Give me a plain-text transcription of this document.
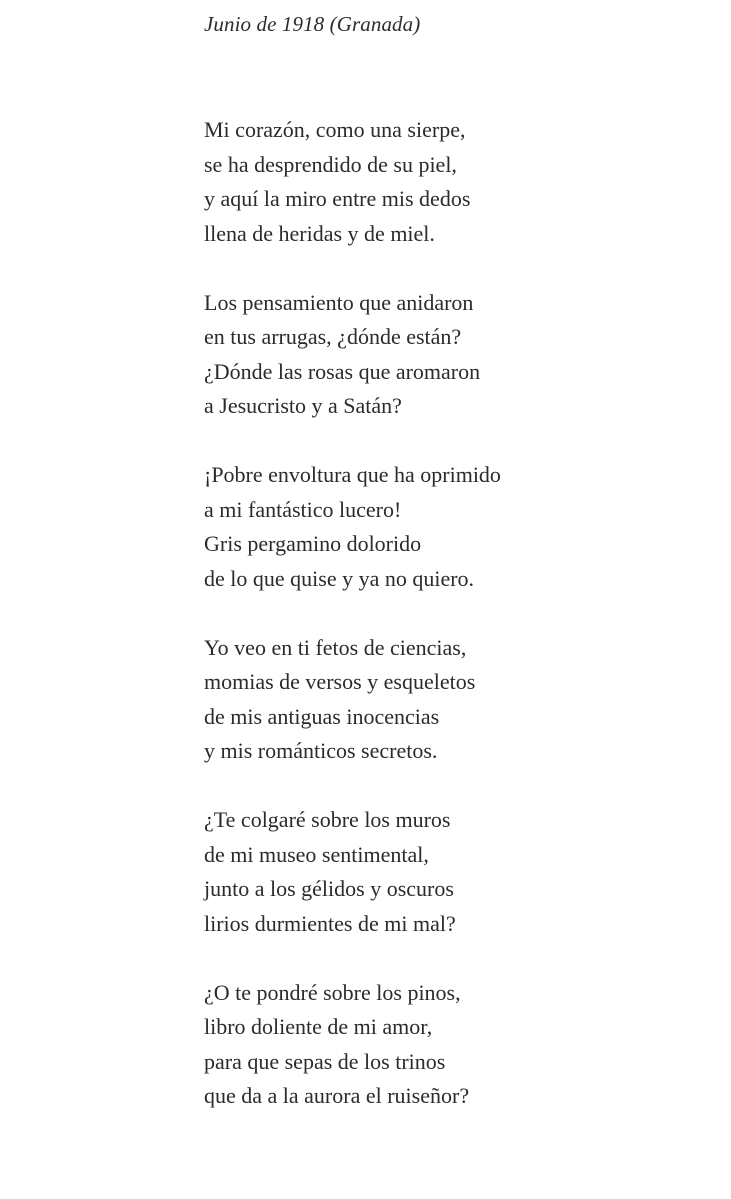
Junio de 1918 (Granada)
Mi corazón, como una sierpe,
se ha desprendido de su piel,
y aquí la miro entre mis dedos
llena de heridas y de miel.
Los pensamiento que anidaron
en tus arrugas, ¿dónde están?
¿Dónde las rosas que aromaron
a Jesucristo y a Satán?
¡Pobre envoltura que ha oprimido
a mi fantástico lucero!
Gris pergamino dolorido
de lo que quise y ya no quiero.
Yo veo en ti fetos de ciencias,
momias de versos y esqueletos
de mis antiguas inocencias
y mis románticos secretos.
¿Te colgaré sobre los muros
de mi museo sentimental,
junto a los gélidos y oscuros
lirios durmientes de mi mal?
¿O te pondré sobre los pinos,
libro doliente de mi amor,
para que sepas de los trinos
que da a la aurora el ruiseñor?
